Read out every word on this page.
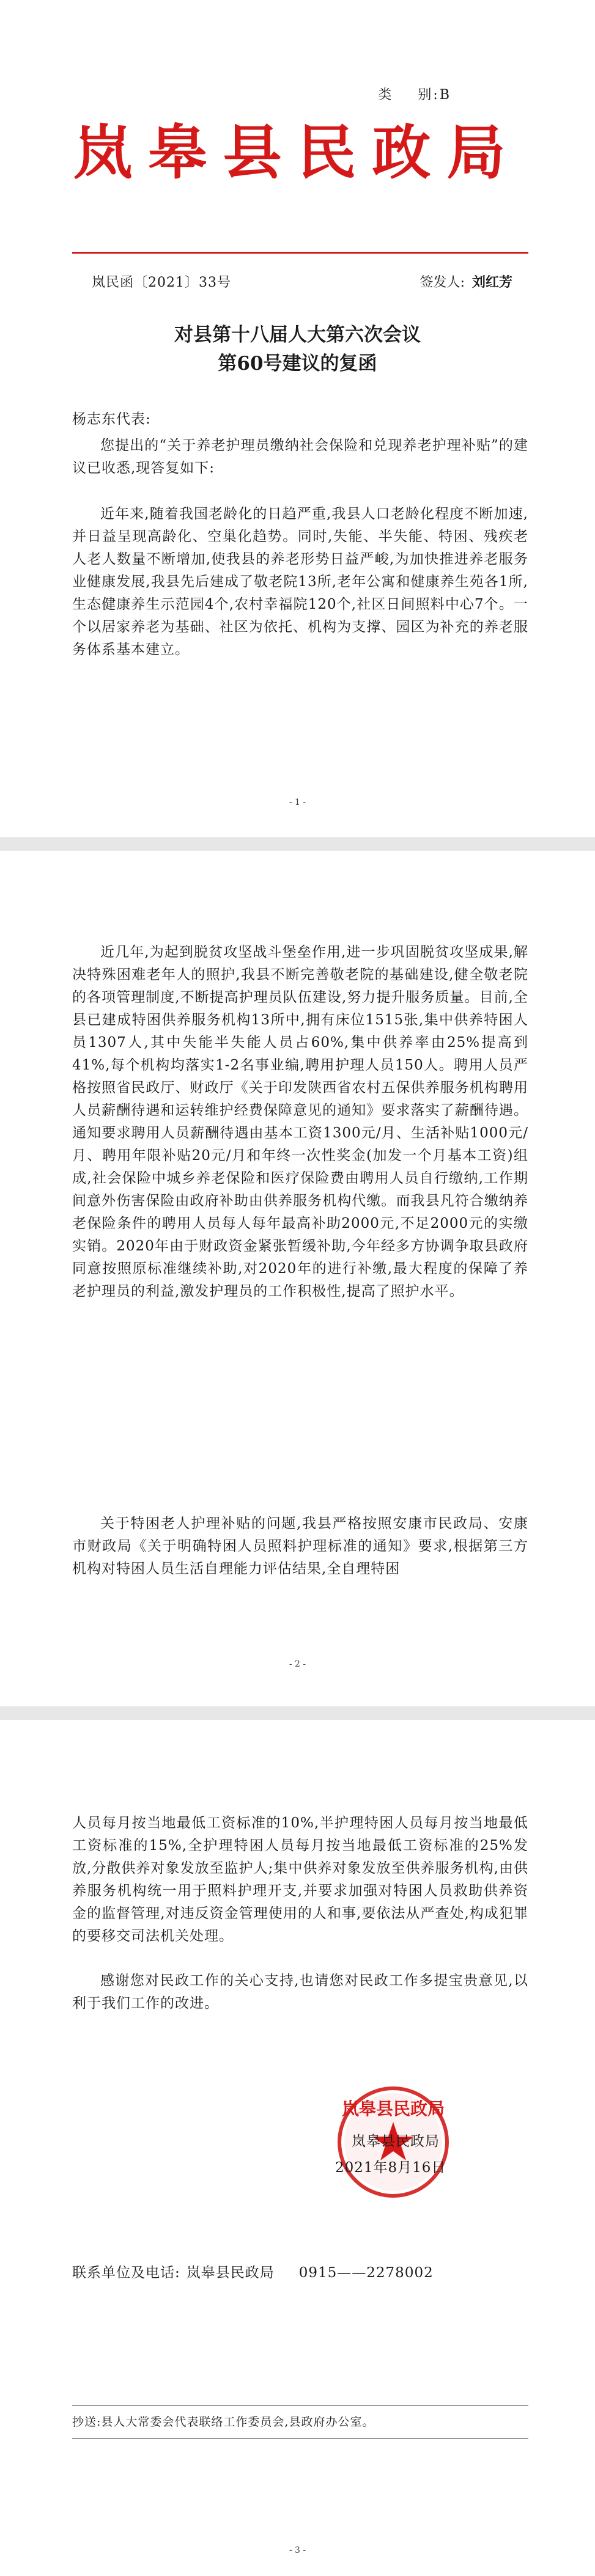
类 别:B
岚皋县民政局
岚民函〔2021〕33号	签发人: 刘红芳
对县第十八届人大第六次会议
第60号建议的复函
杨志东代表:
您提出的“关于养老护理员缴纳社会保险和兑现养老护理补贴”的建议已收悉,现答复如下:
近年来,随着我国老龄化的日趋严重,我县人口老龄化程度不断加速,并日益呈现高龄化、空巢化趋势。同时,失能、半失能、特困、残疾老人老人数量不断增加,使我县的养老形势日益严峻,为加快推进养老服务业健康发展,我县先后建成了敬老院13所,老年公寓和健康养生苑各1所,生态健康养生示范园4个,农村幸福院120个,社区日间照料中心7个。一个以居家养老为基础、社区为依托、机构为支撑、园区为补充的养老服务体系基本建立。
- 1 -
近几年,为起到脱贫攻坚战斗堡垒作用,进一步巩固脱贫攻坚成果,解决特殊困难老年人的照护,我县不断完善敬老院的基础建设,健全敬老院的各项管理制度,不断提高护理员队伍建设,努力提升服务质量。目前,全县已建成特困供养服务机构13所中,拥有床位1515张,集中供养特困人员1307人,其中失能半失能人员占60%,集中供养率由25%提高到41%,每个机构均落实1-2名事业编,聘用护理人员150人。聘用人员严格按照省民政厅、财政厅《关于印发陕西省农村五保供养服务机构聘用人员薪酬待遇和运转维护经费保障意见的通知》要求落实了薪酬待遇。通知要求聘用人员薪酬待遇由基本工资1300元/月、生活补贴1000元/月、聘用年限补贴20元/月和年终一次性奖金(加发一个月基本工资)组成,社会保险中城乡养老保险和医疗保险费由聘用人员自行缴纳,工作期间意外伤害保险由政府补助由供养服务机构代缴。而我县凡符合缴纳养老保险条件的聘用人员每人每年最高补助2000元,不足2000元的实缴实销。2020年由于财政资金紧张暂缓补助,今年经多方协调争取县政府同意按照原标准继续补助,对2020年的进行补缴,最大程度的保障了养老护理员的利益,激发护理员的工作积极性,提高了照护水平。
关于特困老人护理补贴的问题,我县严格按照安康市民政局、安康市财政局《关于明确特困人员照料护理标准的通知》要求,根据第三方机构对特困人员生活自理能力评估结果,全自理特困
- 2 -
人员每月按当地最低工资标准的10%,半护理特困人员每月按当地最低工资标准的15%,全护理特困人员每月按当地最低工资标准的25%发放,分散供养对象发放至监护人;集中供养对象发放至供养服务机构,由供养服务机构统一用于照料护理开支,并要求加强对特困人员救助供养资金的监督管理,对违反资金管理使用的人和事,要依法从严查处,构成犯罪的要移交司法机关处理。
感谢您对民政工作的关心支持,也请您对民政工作多提宝贵意见,以利于我们工作的改进。
岚皋县民政局
岚皋县民政局
2021年8月16日
联系单位及电话: 岚皋县民政局 0915——2278002
抄送:县人大常委会代表联络工作委员会,县政府办公室。
- 3 -
